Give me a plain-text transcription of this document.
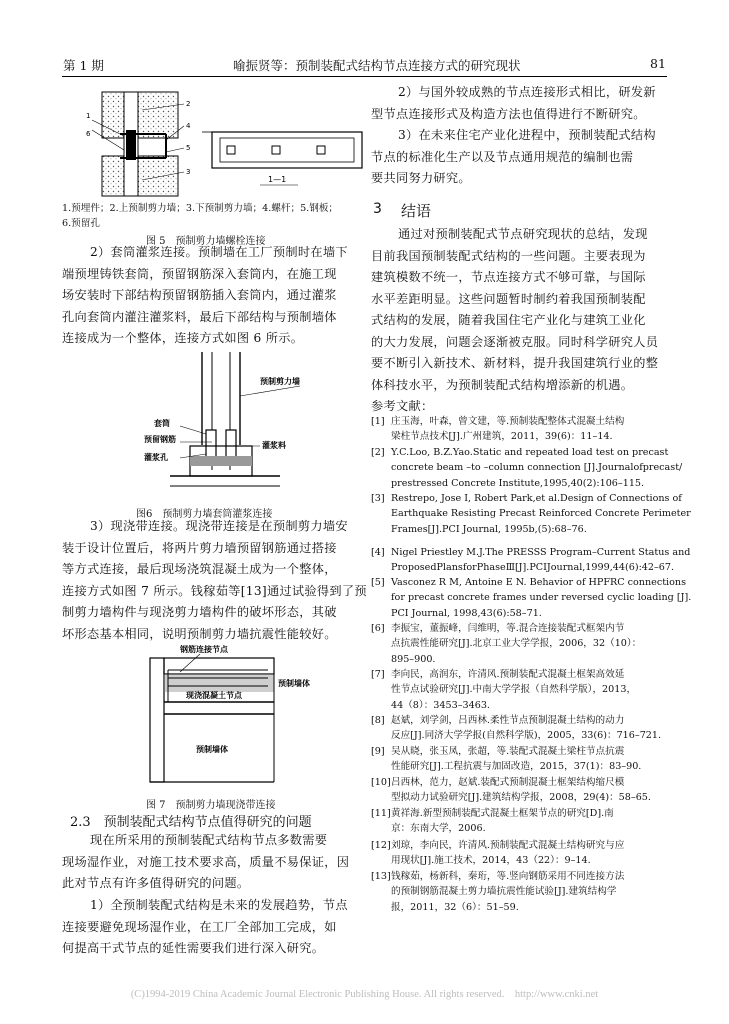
第 1 期	喻振贤等：预制装配式结构节点连接方式的研究现状	81
1
2
4
5
3
6
1—1
1.预埋件；2.上预制剪力墙；3.下预制剪力墙；4.螺杆；5.钢板；
6.预留孔
图 5　预制剪力墙螺栓连接
2）套筒灌浆连接。预制墙在工厂预制时在墙下
端预埋铸铁套筒，预留钢筋深入套筒内，在施工现
场安装时下部结构预留钢筋插入套筒内，通过灌浆
孔向套筒内灌注灌浆料，最后下部结构与预制墙体
连接成为一个整体，连接方式如图 6 所示。
预制剪力墙
套筒
预留钢筋
灌浆料
灌浆孔
图6　预制剪力墙套筒灌浆连接
3）现浇带连接。现浇带连接是在预制剪力墙安
装于设计位置后，将两片剪力墙预留钢筋通过搭接
等方式连接，最后现场浇筑混凝土成为一个整体，
连接方式如图 7 所示。钱稼茹等[13]通过试验得到了预
制剪力墙构件与现浇剪力墙构件的破坏形态，其破
坏形态基本相同，说明预制剪力墙抗震性能较好。
钢筋连接节点
预制墙体
现浇混凝土节点
预制墙体
图 7　预制剪力墙现浇带连接
2.3　预制装配式结构节点值得研究的问题
现在所采用的预制装配式结构节点多数需要
现场湿作业，对施工技术要求高，质量不易保证，因
此对节点有许多值得研究的问题。
1）全预制装配式结构是未来的发展趋势，节点
连接要避免现场湿作业，在工厂全部加工完成，如
何提高干式节点的延性需要我们进行深入研究。
2）与国外较成熟的节点连接形式相比，研发新
型节点连接形式及构造方法也值得进行不断研究。
3）在未来住宅产业化进程中，预制装配式结构
节点的标准化生产以及节点通用规范的编制也需
要共同努力研究。
3 结语
通过对预制装配式节点研究现状的总结，发现
目前我国预制装配式结构的一些问题。主要表现为
建筑模数不统一，节点连接方式不够可靠，与国际
水平差距明显。这些问题暂时制约着我国预制装配
式结构的发展，随着我国住宅产业化与建筑工业化
的大力发展，问题会逐渐被克服。同时科学研究人员
要不断引入新技术、新材料，提升我国建筑行业的整
体科技水平，为预制装配式结构增添新的机遇。
参考文献：
[1] 庄玉海，叶森，曾文建，等.预制装配整体式混凝土结构
梁柱节点技术[J].广州建筑，2011，39(6)：11–14.
[2] Y.C.Loo, B.Z.Yao.Static and repeated load test on precast
concrete beam –to –column connection [J].Journalofprecast/
prestressed Concrete Institute,1995,40(2):106–115.
[3] Restrepo, Jose I, Robert Park,et al.Design of Connections of
Earthquake Resisting Precast Reinforced Concrete Perimeter
Frames[J].PCI Journal, 1995b,(5):68–76.
[4] Nigel Priestley M.J.The PRESSS Program–Current Status and
ProposedPlansforPhaseⅢ[J].PCIJournal,1999,44(6):42–67.
[5] Vasconez R M, Antoine E N. Behavior of HPFRC connections
for precast concrete frames under reversed cyclic loading [J].
PCI Journal, 1998,43(6):58–71.
[6] 李振宝，董振峰，闫维明，等.混合连接装配式框架内节
点抗震性能研究[J].北京工业大学学报，2006，32（10）：
895–900.
[7] 李向民，高润东，许清风.预制装配式混凝土框架高效延
性节点试验研究[J].中南大学学报（自然科学版），2013，
44（8）：3453–3463.
[8] 赵斌，刘学剑，吕西林.柔性节点预制混凝土结构的动力
反应[J].同济大学学报(自然科学版)，2005，33(6)：716–721.
[9] 吴从晓，张玉凤，张超，等.装配式混凝土梁柱节点抗震
性能研究[J].工程抗震与加固改造，2015，37(1)：83–90.
[10] 吕西林，范力，赵斌.装配式预制混凝土框架结构缩尺模
型拟动力试验研究[J].建筑结构学报，2008，29(4)：58–65.
[11] 黄祥海.新型预制装配式混凝土框架节点的研究[D].南
京：东南大学，2006.
[12] 刘琼，李向民，许清风.预制装配式混凝土结构研究与应
用现状[J].施工技术，2014，43（22）：9–14.
[13] 钱稼茹，杨新科，秦珩，等.竖向钢筋采用不同连接方法
的预制钢筋混凝土剪力墙抗震性能试验[J].建筑结构学
报，2011，32（6）：51–59.
(C)1994-2019 China Academic Journal Electronic Publishing House. All rights reserved.　http://www.cnki.net
